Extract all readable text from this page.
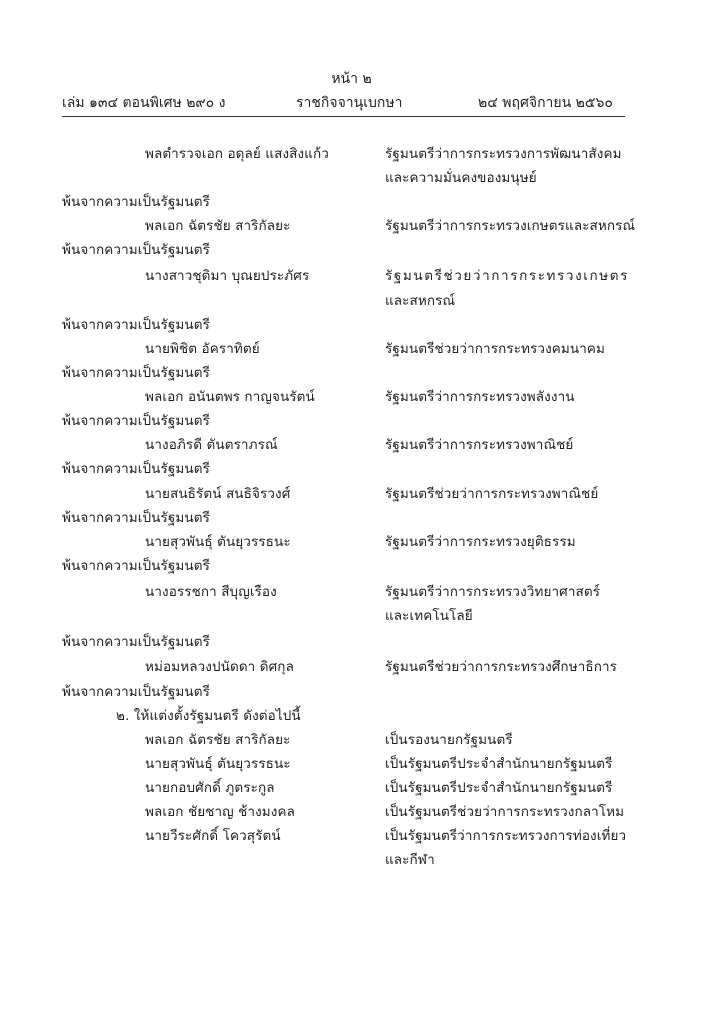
หน้า ๒
เล่ม ๑๓๔ ตอนพิเศษ ๒๙๐ ง	ราชกิจจานุเบกษา	๒๔ พฤศจิกายน ๒๕๖๐
พลตำรวจเอก อดุลย์ แสงสิงแก้ว	รัฐมนตรีว่าการกระทรวงการพัฒนาสังคม
และความมั่นคงของมนุษย์
พ้นจากความเป็นรัฐมนตรี
พลเอก ฉัตรชัย สาริกัลยะ	รัฐมนตรีว่าการกระทรวงเกษตรและสหกรณ์
พ้นจากความเป็นรัฐมนตรี
นางสาวชุติมา บุณยประภัศร	รัฐมนตรีช่วยว่าการกระทรวงเกษตร
และสหกรณ์
พ้นจากความเป็นรัฐมนตรี
นายพิชิต อัคราทิตย์	รัฐมนตรีช่วยว่าการกระทรวงคมนาคม
พ้นจากความเป็นรัฐมนตรี
พลเอก อนันตพร กาญจนรัตน์	รัฐมนตรีว่าการกระทรวงพลังงาน
พ้นจากความเป็นรัฐมนตรี
นางอภิรดี ตันตราภรณ์	รัฐมนตรีว่าการกระทรวงพาณิชย์
พ้นจากความเป็นรัฐมนตรี
นายสนธิรัตน์ สนธิจิรวงศ์	รัฐมนตรีช่วยว่าการกระทรวงพาณิชย์
พ้นจากความเป็นรัฐมนตรี
นายสุวพันธุ์ ตันยุวรรธนะ	รัฐมนตรีว่าการกระทรวงยุติธรรม
พ้นจากความเป็นรัฐมนตรี
นางอรรชกา สีบุญเรือง	รัฐมนตรีว่าการกระทรวงวิทยาศาสตร์
และเทคโนโลยี
พ้นจากความเป็นรัฐมนตรี
หม่อมหลวงปนัดดา ดิศกุล	รัฐมนตรีช่วยว่าการกระทรวงศึกษาธิการ
พ้นจากความเป็นรัฐมนตรี
๒. ให้แต่งตั้งรัฐมนตรี ดังต่อไปนี้
พลเอก ฉัตรชัย สาริกัลยะ	เป็นรองนายกรัฐมนตรี
นายสุวพันธุ์ ตันยุวรรธนะ	เป็นรัฐมนตรีประจำสำนักนายกรัฐมนตรี
นายกอบศักดิ์ ภูตระกูล	เป็นรัฐมนตรีประจำสำนักนายกรัฐมนตรี
พลเอก ชัยชาญ ช้างมงคล	เป็นรัฐมนตรีช่วยว่าการกระทรวงกลาโหม
นายวีระศักดิ์ โควสุรัตน์	เป็นรัฐมนตรีว่าการกระทรวงการท่องเที่ยว
และกีฬา
